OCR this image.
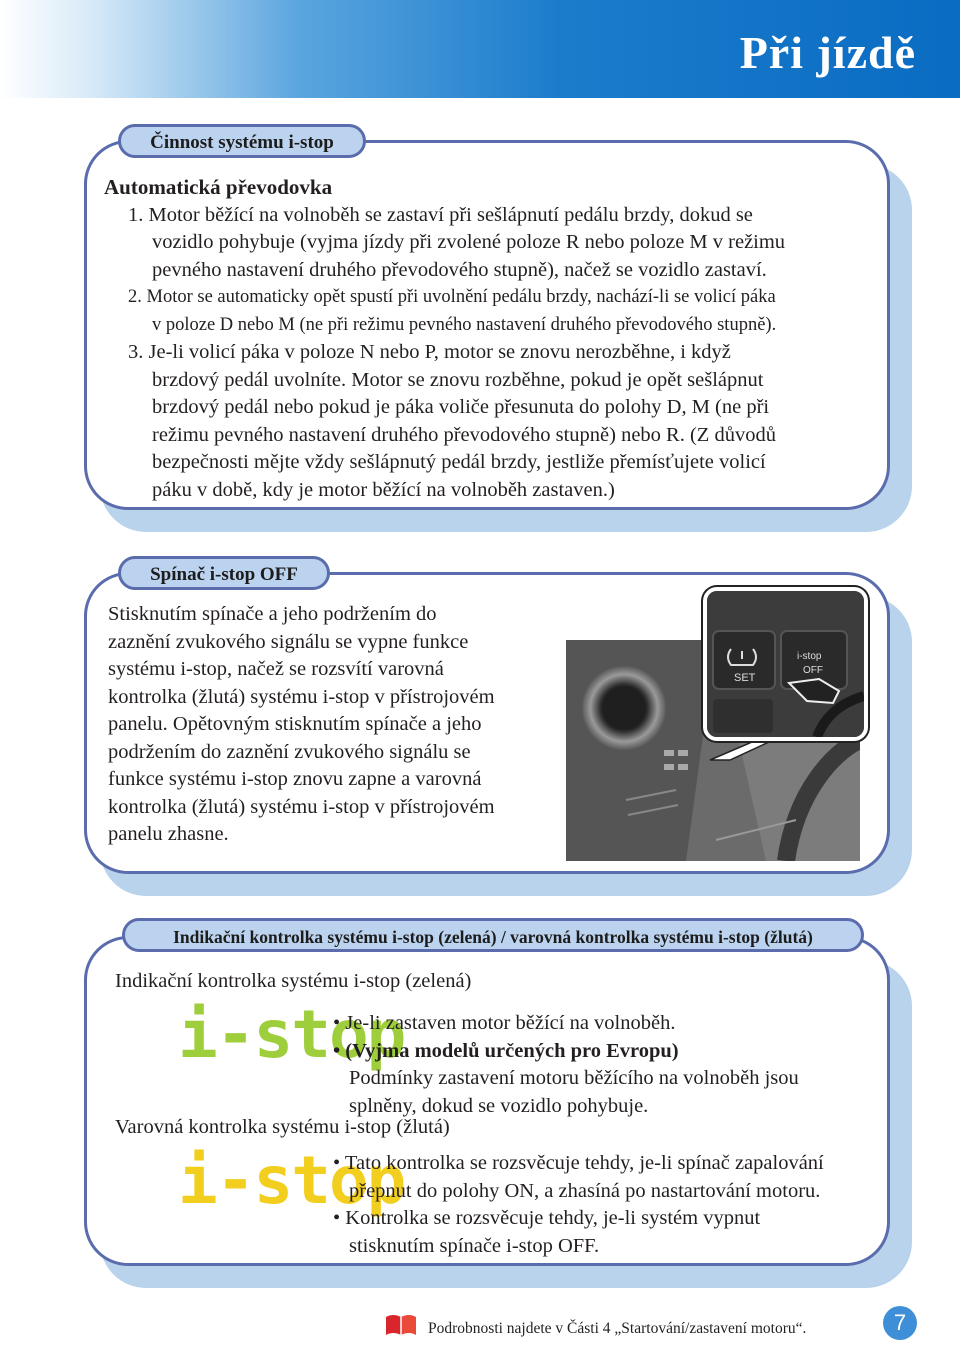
Při jízdě
Činnost systému i-stop
Automatická převodovka
1. Motor běžící na volnoběh se zastaví při sešlápnutí pedálu brzdy, dokud se
vozidlo pohybuje (vyjma jízdy při zvolené poloze R nebo poloze M v režimu
pevného nastavení druhého převodového stupně), načež se vozidlo zastaví.
2. Motor se automaticky opět spustí při uvolnění pedálu brzdy, nachází-li se volicí páka
v poloze D nebo M (ne při režimu pevného nastavení druhého převodového stupně).
3. Je-li volicí páka v poloze N nebo P, motor se znovu nerozběhne, i když
brzdový pedál uvolníte. Motor se znovu rozběhne, pokud je opět sešlápnut
brzdový pedál nebo pokud je páka voliče přesunuta do polohy D, M (ne při
režimu pevného nastavení druhého převodového stupně) nebo R. (Z důvodů
bezpečnosti mějte vždy sešlápnutý pedál brzdy, jestliže přemísťujete volicí
páku v době, kdy je motor běžící na volnoběh zastaven.)
Spínač i-stop OFF
Stisknutím spínače a jeho podržením do
zaznění zvukového signálu se vypne funkce
systému i-stop, načež se rozsvítí varovná
kontrolka (žlutá) systému i-stop v přístrojovém
panelu. Opětovným stisknutím spínače a jeho
podržením do zaznění zvukového signálu se
funkce systému i-stop znovu zapne a varovná
kontrolka (žlutá) systému i-stop v přístrojovém
panelu zhasne.
SET
i-stop
OFF
Indikační kontrolka systému i-stop (zelená) / varovná kontrolka systému i-stop (žlutá)
Indikační kontrolka systému i-stop (zelená)
i-stop
• Je-li zastaven motor běžící na volnoběh.
• (Vyjma modelů určených pro Evropu)
Podmínky zastavení motoru běžícího na volnoběh jsou
splněny, dokud se vozidlo pohybuje.
Varovná kontrolka systému i-stop (žlutá)
i-stop
• Tato kontrolka se rozsvěcuje tehdy, je-li spínač zapalování
přepnut do polohy ON, a zhasíná po nastartování motoru.
• Kontrolka se rozsvěcuje tehdy, je-li systém vypnut
stisknutím spínače i-stop OFF.
Podrobnosti najdete v Části 4 „Startování/zastavení motoru“.	7
